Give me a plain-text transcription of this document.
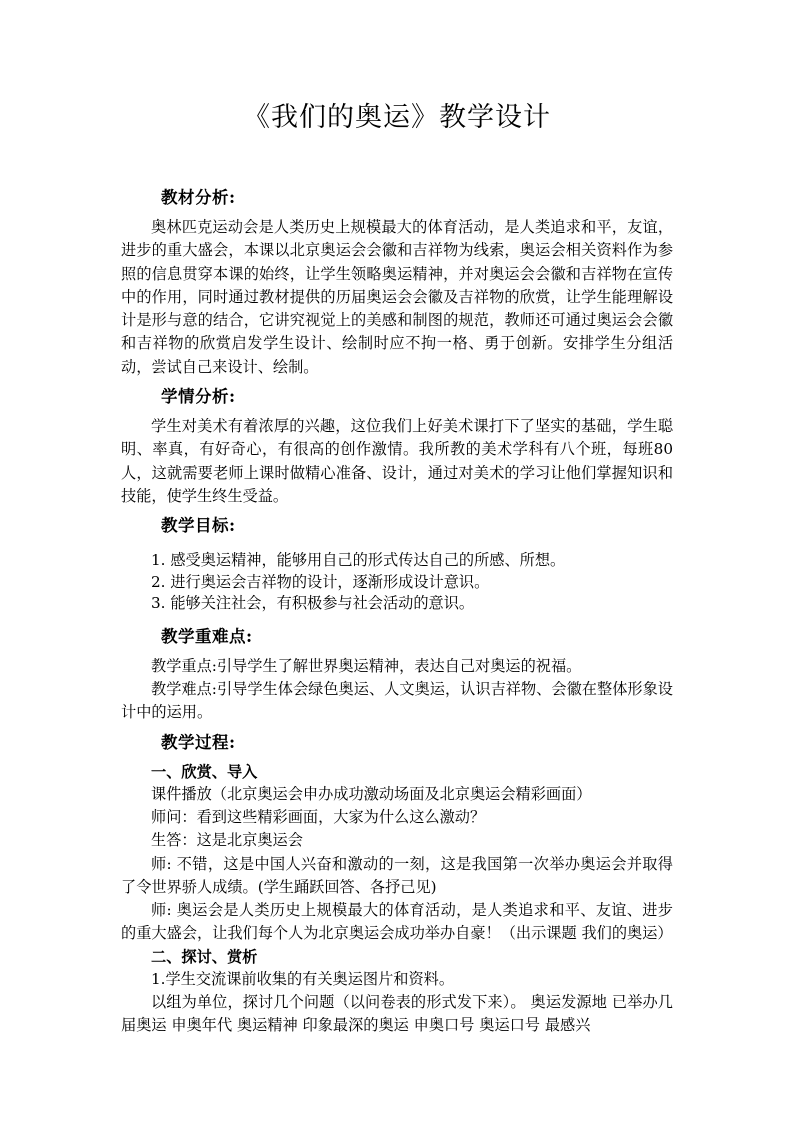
《我们的奥运》教学设计
教材分析:

奥林匹克运动会是人类历史上规模最大的体育活动，是人类追求和平，友谊，进步的重大盛会，本课以北京奥运会会徽和吉祥物为线索，奥运会相关资料作为参照的信息贯穿本课的始终，让学生领略奥运精神，并对奥运会会徽和吉祥物在宣传中的作用，同时通过教材提供的历届奥运会会徽及吉祥物的欣赏，让学生能理解设计是形与意的结合，它讲究视觉上的美感和制图的规范，教师还可通过奥运会会徽和吉祥物的欣赏启发学生设计、绘制时应不拘一格、勇于创新。安排学生分组活动，尝试自己来设计、绘制。

学情分析:

学生对美术有着浓厚的兴趣，这位我们上好美术课打下了坚实的基础，学生聪明、率真，有好奇心，有很高的创作激情。我所教的美术学科有八个班，每班80人，这就需要老师上课时做精心准备、设计，通过对美术的学习让他们掌握知识和技能，使学生终生受益。

教学目标:
1. 感受奥运精神，能够用自己的形式传达自己的所感、所想。
2. 进行奥运会吉祥物的设计，逐渐形成设计意识。
3. 能够关注社会，有积极参与社会活动的意识。
教学重难点:

教学重点:引导学生了解世界奥运精神，表达自己对奥运的祝福。

教学难点:引导学生体会绿色奥运、人文奥运，认识吉祥物、会徽在整体形象设计中的运用。

教学过程:

一、欣赏、导入

课件播放（北京奥运会申办成功激动场面及北京奥运会精彩画面）

师问：看到这些精彩画面，大家为什么这么激动？

生答：这是北京奥运会

师: 不错，这是中国人兴奋和激动的一刻，这是我国第一次举办奥运会并取得了令世界骄人成绩。(学生踊跃回答、各抒己见)

师: 奥运会是人类历史上规模最大的体育活动，是人类追求和平、友谊、进步的重大盛会，让我们每个人为北京奥运会成功举办自豪！（出示课题 我们的奥运）

二、探讨、赏析

1.学生交流课前收集的有关奥运图片和资料。

以组为单位，探讨几个问题（以问卷表的形式发下来）。 奥运发源地 已举办几届奥运 申奥年代 奥运精神 印象最深的奥运 申奥口号 奥运口号 最感兴
